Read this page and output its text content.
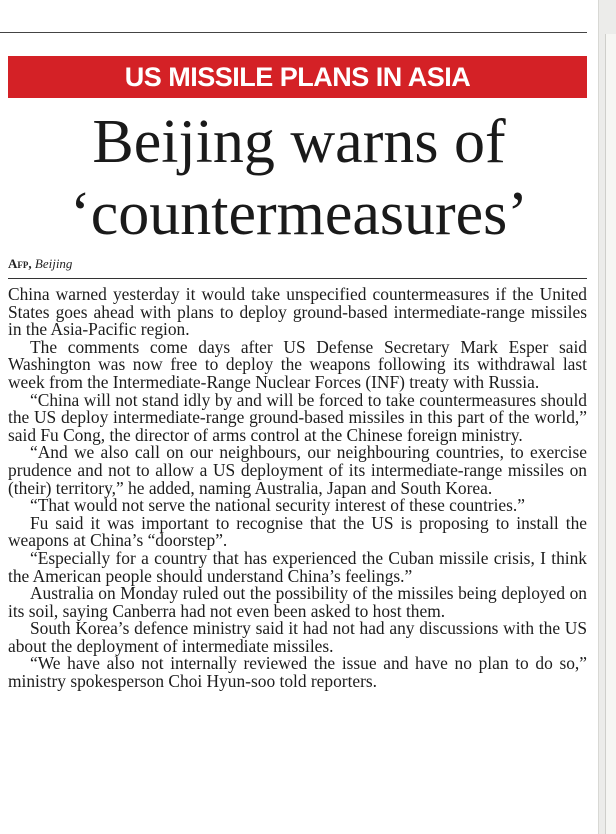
US MISSILE PLANS IN ASIA
Beijing warns of
‘countermeasures’
Afp, Beijing

China warned yesterday it would take unspecified countermeasures if the United States goes ahead with plans to deploy ground-based intermediate-range missiles in the Asia-Pacific region.

The comments come days after US Defense Secretary Mark Esper said Washington was now free to deploy the weapons following its withdrawal last week from the Intermediate-Range Nuclear Forces (INF) treaty with Russia.

“China will not stand idly by and will be forced to take countermeasures should the US deploy intermediate-range ground-based missiles in this part of the world,” said Fu Cong, the director of arms control at the Chinese foreign ministry.

“And we also call on our neighbours, our neighbouring countries, to exercise prudence and not to allow a US deployment of its intermediate-range missiles on (their) territory,” he added, naming Australia, Japan and South Korea.

“That would not serve the national security interest of these countries.”

Fu said it was important to recognise that the US is proposing to install the weapons at China’s “doorstep”.

“Especially for a country that has experienced the Cuban missile crisis, I think the American people should understand China’s feelings.”

Australia on Monday ruled out the possibility of the missiles being deployed on its soil, saying Canberra had not even been asked to host them.

South Korea’s defence ministry said it had not had any discussions with the US about the deployment of intermediate missiles.

“We have also not internally reviewed the issue and have no plan to do so,” ministry spokesperson Choi Hyun-soo told reporters.
